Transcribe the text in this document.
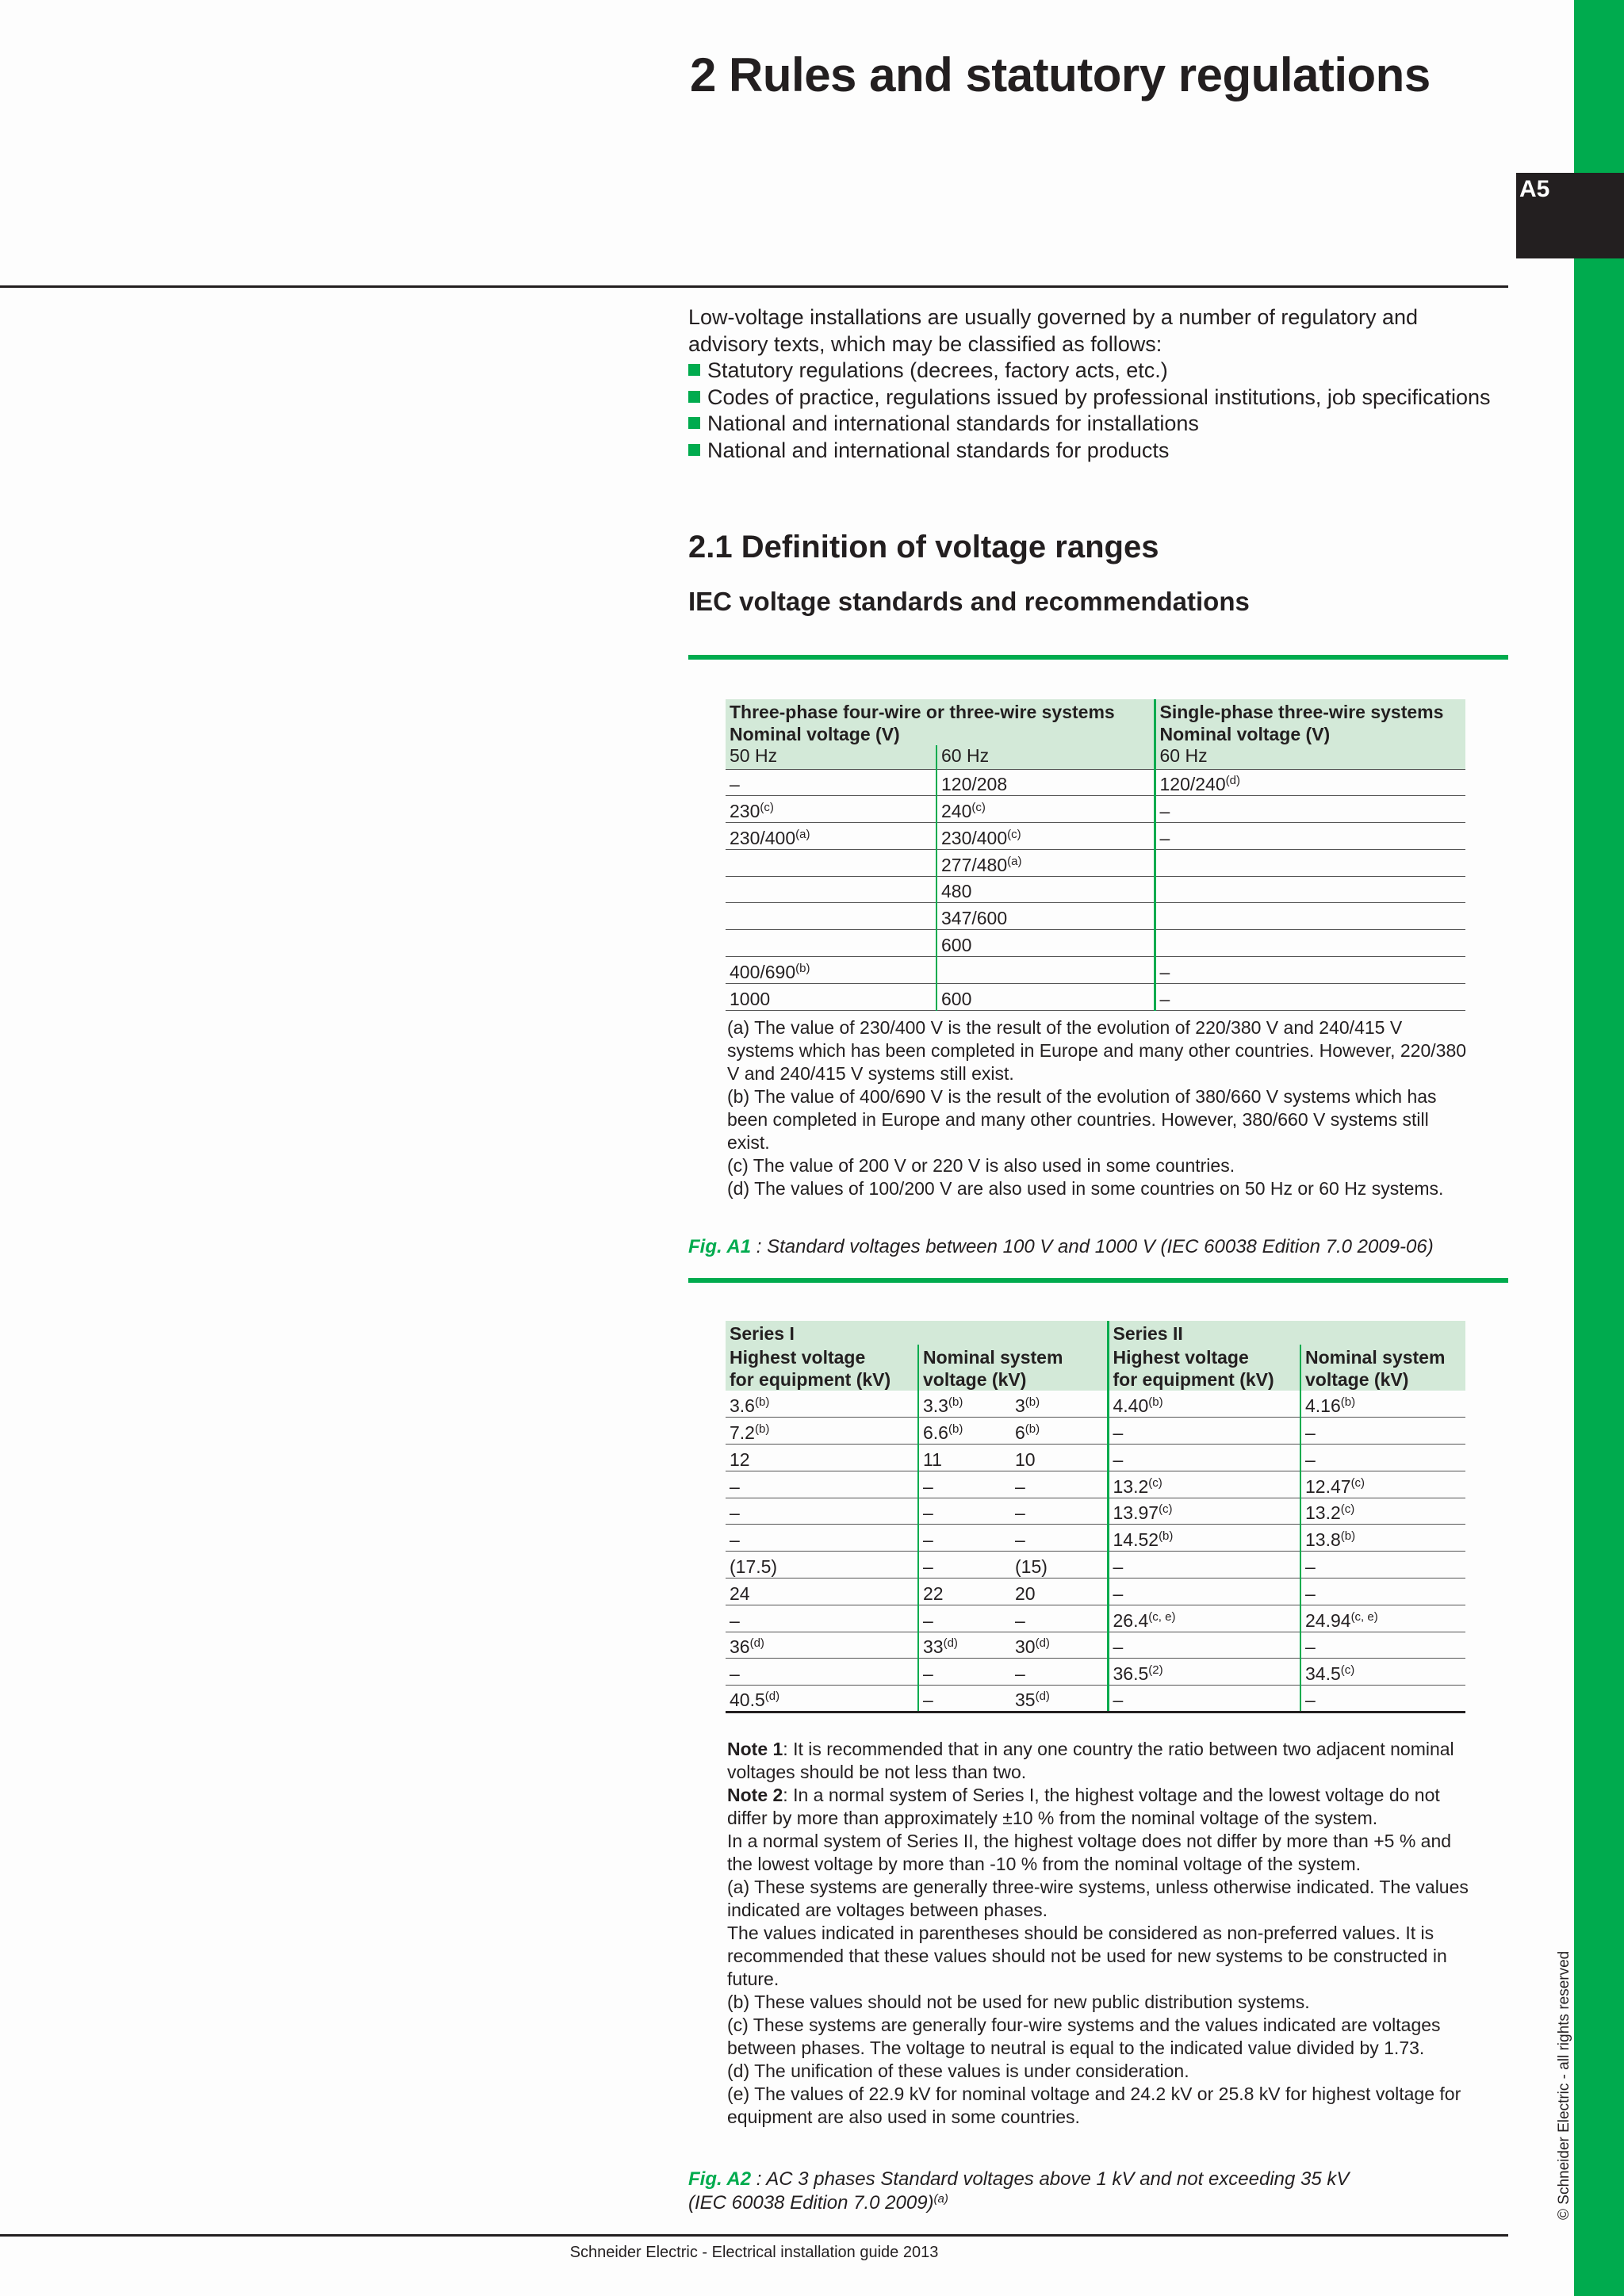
A5
© Schneider Electric - all rights reserved
2 Rules and statutory regulations
Low-voltage installations are usually governed by a number of regulatory and advisory texts, which may be classified as follows:
Statutory regulations (decrees, factory acts, etc.)
Codes of practice, regulations issued by professional institutions, job specifications
National and international standards for installations
National and international standards for products
2.1 Definition of voltage ranges
IEC voltage standards and recommendations
Three-phase four-wire or three-wire systems
Nominal voltage (V)		Single-phase three-wire systems
Nominal voltage (V)
50 Hz	60 Hz	60 Hz
–	120/208	120/240$^{(d)}$
230$^{(c)}$	240$^{(c)}$	–
230/400$^{(a)}$	230/400$^{(c)}$	–
	277/480$^{(a)}$	
	480	
	347/600	
	600	
400/690$^{(b)}$		–
1000	600	–

(a) The value of 230/400 V is the result of the evolution of 220/380 V and 240/415 V systems which has been completed in Europe and many other countries. However, 220/380 V and 240/415 V systems still exist.

(b) The value of 400/690 V is the result of the evolution of 380/660 V systems which has been completed in Europe and many other countries. However, 380/660 V systems still exist.

(c) The value of 200 V or 220 V is also used in some countries.

(d) The values of 100/200 V are also used in some countries on 50 Hz or 60 Hz systems.

Fig. A1 : Standard voltages between 100 V and 1000 V (IEC 60038 Edition 7.0 2009-06)
Series I			Series II	
Highest voltage
for equipment (kV)	Nominal system
voltage (kV)		Highest voltage
for equipment (kV)	Nominal system
voltage (kV)
3.6$^{(b)}$	3.3$^{(b)}$	3$^{(b)}$	4.40$^{(b)}$	4.16$^{(b)}$
7.2$^{(b)}$	6.6$^{(b)}$	6$^{(b)}$	–	–
12	11	10	–	–
–	–	–	13.2$^{(c)}$	12.47$^{(c)}$
–	–	–	13.97$^{(c)}$	13.2$^{(c)}$
–	–	–	14.52$^{(b)}$	13.8$^{(b)}$
(17.5)	–	(15)	–	–
24	22	20	–	–
–	–	–	26.4$^{(c, e)}$	24.94$^{(c, e)}$
36$^{(d)}$	33$^{(d)}$	30$^{(d)}$	–	–
–	–	–	36.5$^{(2)}$	34.5$^{(c)}$
40.5$^{(d)}$	–	35$^{(d)}$	–	–

Note 1: It is recommended that in any one country the ratio between two adjacent nominal voltages should be not less than two.

Note 2: In a normal system of Series I, the highest voltage and the lowest voltage do not differ by more than approximately ±10 % from the nominal voltage of the system.

In a normal system of Series II, the highest voltage does not differ by more than +5 % and the lowest voltage by more than -10 % from the nominal voltage of the system.

(a) These systems are generally three-wire systems, unless otherwise indicated. The values indicated are voltages between phases.

The values indicated in parentheses should be considered as non-preferred values. It is recommended that these values should not be used for new systems to be constructed in future.

(b) These values should not be used for new public distribution systems.

(c) These systems are generally four-wire systems and the values indicated are voltages between phases. The voltage to neutral is equal to the indicated value divided by 1.73.

(d) The unification of these values is under consideration.

(e) The values of 22.9 kV for nominal voltage and 24.2 kV or 25.8 kV for highest voltage for equipment are also used in some countries.

Fig. A2 : AC 3 phases Standard voltages above 1 kV and not exceeding 35 kV
(IEC 60038 Edition 7.0 2009)$^{(a)}$
Schneider Electric - Electrical installation guide 2013
